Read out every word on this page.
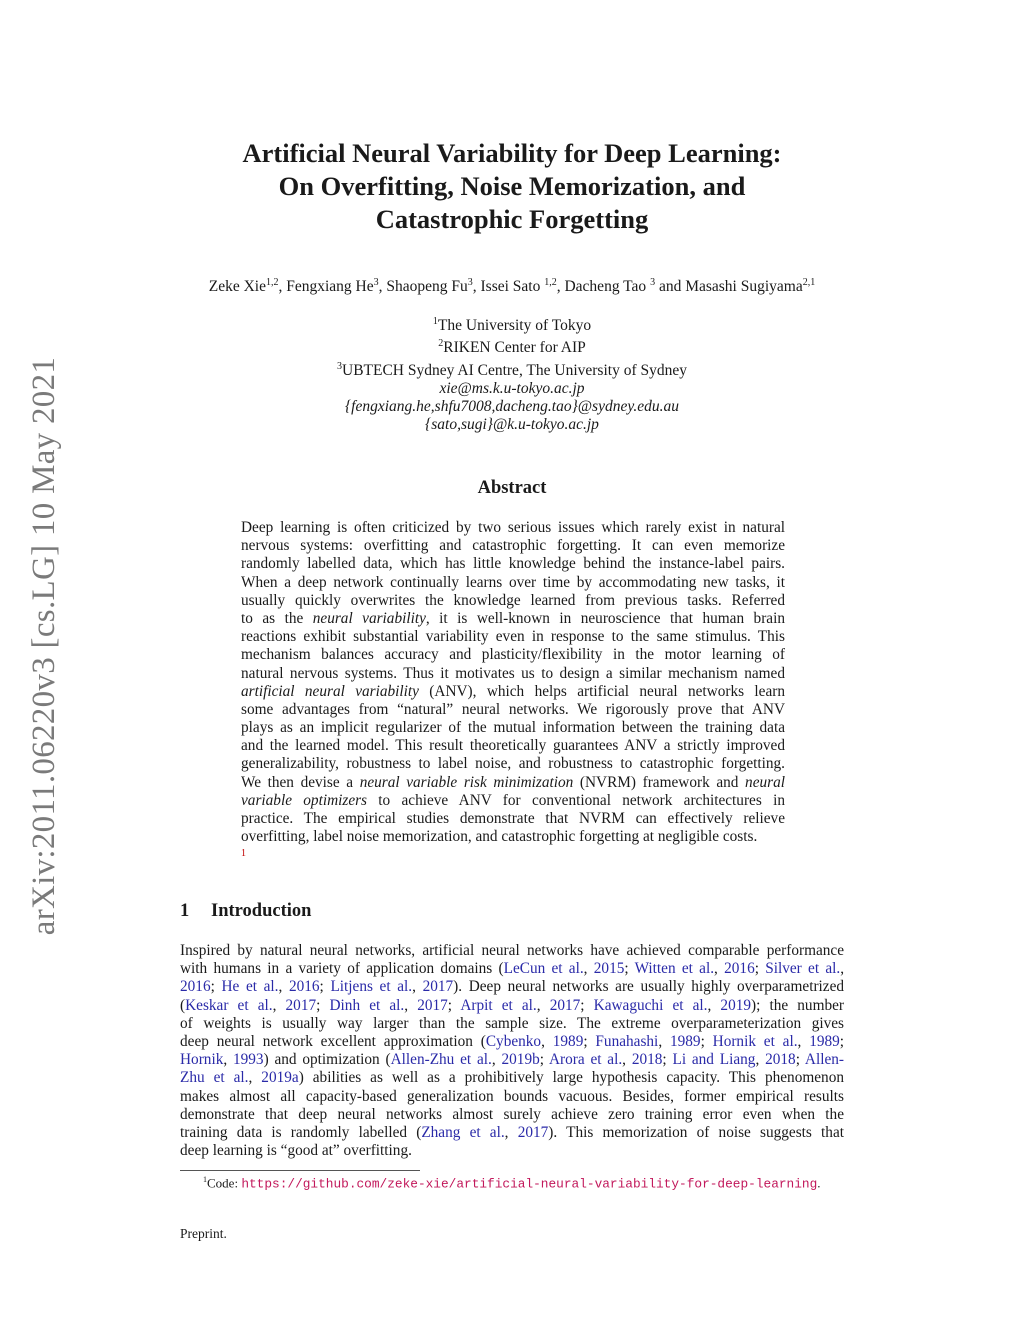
arXiv:2011.06220v3 [cs.LG] 10 May 2021
Artificial Neural Variability for Deep Learning:
On Overfitting, Noise Memorization, and
Catastrophic Forgetting
Zeke Xie$^{1,2}$, Fengxiang He$^3$, Shaopeng Fu$^3$, Issei Sato $^{1,2}$, Dacheng Tao $^3$ and Masashi Sugiyama$^{2,1}$
$^1$The University of Tokyo
$^2$RIKEN Center for AIP
$^3$UBTECH Sydney AI Centre, The University of Sydney
xie@ms.k.u-tokyo.ac.jp
{fengxiang.he,shfu7008,dacheng.tao}@sydney.edu.au
{sato,sugi}@k.u-tokyo.ac.jp
Abstract
Deep learning is often criticized by two serious issues which rarely exist in natural
nervous systems: overfitting and catastrophic forgetting. It can even memorize
randomly labelled data, which has little knowledge behind the instance-label pairs.
When a deep network continually learns over time by accommodating new tasks, it
usually quickly overwrites the knowledge learned from previous tasks. Referred
to as the neural variability, it is well-known in neuroscience that human brain
reactions exhibit substantial variability even in response to the same stimulus. This
mechanism balances accuracy and plasticity/flexibility in the motor learning of
natural nervous systems. Thus it motivates us to design a similar mechanism named
artificial neural variability (ANV), which helps artificial neural networks learn
some advantages from “natural” neural networks. We rigorously prove that ANV
plays as an implicit regularizer of the mutual information between the training data
and the learned model. This result theoretically guarantees ANV a strictly improved
generalizability, robustness to label noise, and robustness to catastrophic forgetting.
We then devise a neural variable risk minimization (NVRM) framework and neural
variable optimizers to achieve ANV for conventional network architectures in
practice. The empirical studies demonstrate that NVRM can effectively relieve
overfitting, label noise memorization, and catastrophic forgetting at negligible costs.
1
1 Introduction
Inspired by natural neural networks, artificial neural networks have achieved comparable performance
with humans in a variety of application domains (LeCun et al., 2015; Witten et al., 2016; Silver et al.,
2016; He et al., 2016; Litjens et al., 2017). Deep neural networks are usually highly overparametrized
(Keskar et al., 2017; Dinh et al., 2017; Arpit et al., 2017; Kawaguchi et al., 2019); the number
of weights is usually way larger than the sample size. The extreme overparameterization gives
deep neural network excellent approximation (Cybenko, 1989; Funahashi, 1989; Hornik et al., 1989;
Hornik, 1993) and optimization (Allen-Zhu et al., 2019b; Arora et al., 2018; Li and Liang, 2018; Allen-
Zhu et al., 2019a) abilities as well as a prohibitively large hypothesis capacity. This phenomenon
makes almost all capacity-based generalization bounds vacuous. Besides, former empirical results
demonstrate that deep neural networks almost surely achieve zero training error even when the
training data is randomly labelled (Zhang et al., 2017). This memorization of noise suggests that
deep learning is “good at” overfitting.
$^1$Code: https://github.com/zeke-xie/artificial-neural-variability-for-deep-learning.
Preprint.
